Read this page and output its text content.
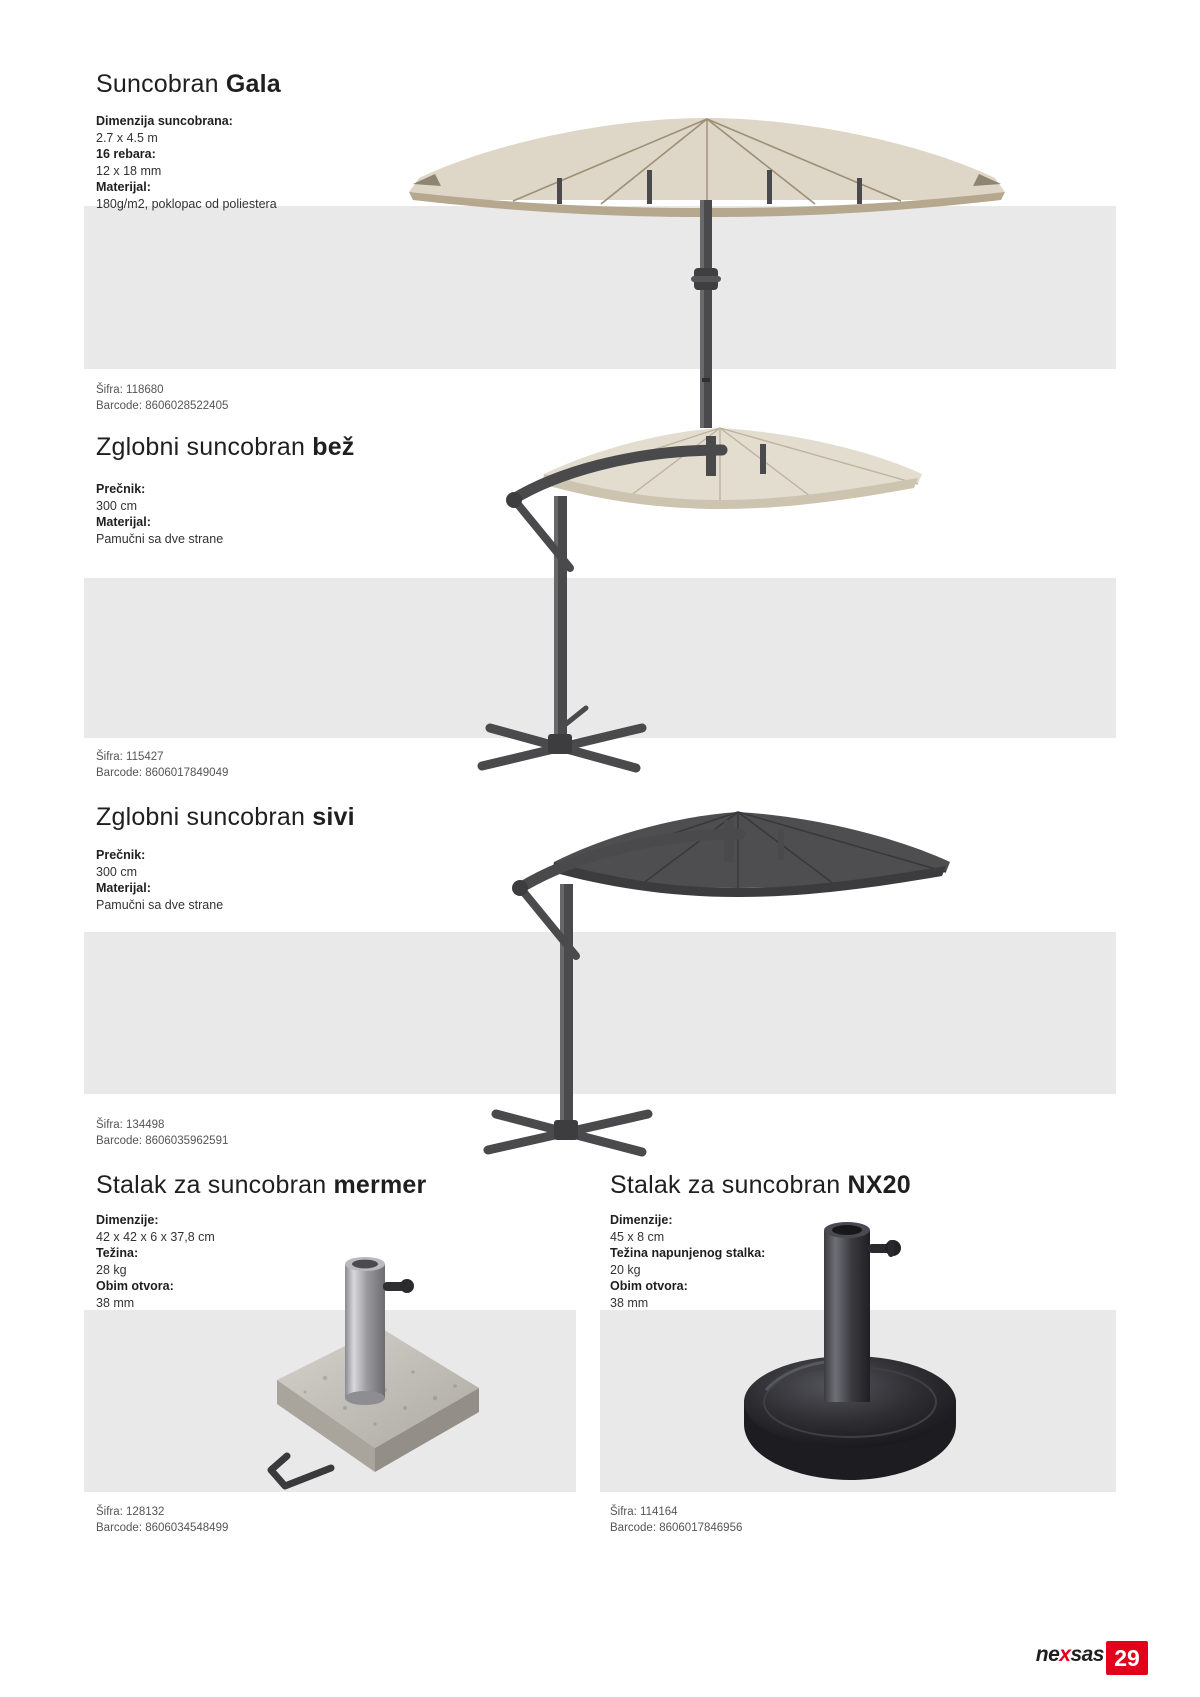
Suncobran Gala
Dimenzija suncobrana:
2.7 x 4.5 m
16 rebara:
12 x 18 mm
Materijal:
180g/m2, poklopac od poliestera
Šifra: 118680
Barcode: 8606028522405
Zglobni suncobran bež
Prečnik:
300 cm
Materijal:
Pamučni sa dve strane
Šifra: 115427
Barcode: 8606017849049
Zglobni suncobran sivi
Prečnik:
300 cm
Materijal:
Pamučni sa dve strane
Šifra: 134498
Barcode: 8606035962591
Stalak za suncobran mermer
Dimenzije:
42 x 42 x 6 x 37,8 cm
Težina:
28 kg
Obim otvora:
38 mm
Šifra: 128132
Barcode: 8606034548499
Stalak za suncobran NX20
Dimenzije:
45 x 8 cm
Težina napunjenog stalka:
20 kg
Obim otvora:
38 mm
Šifra: 114164
Barcode: 8606017846956
nexsas 29
